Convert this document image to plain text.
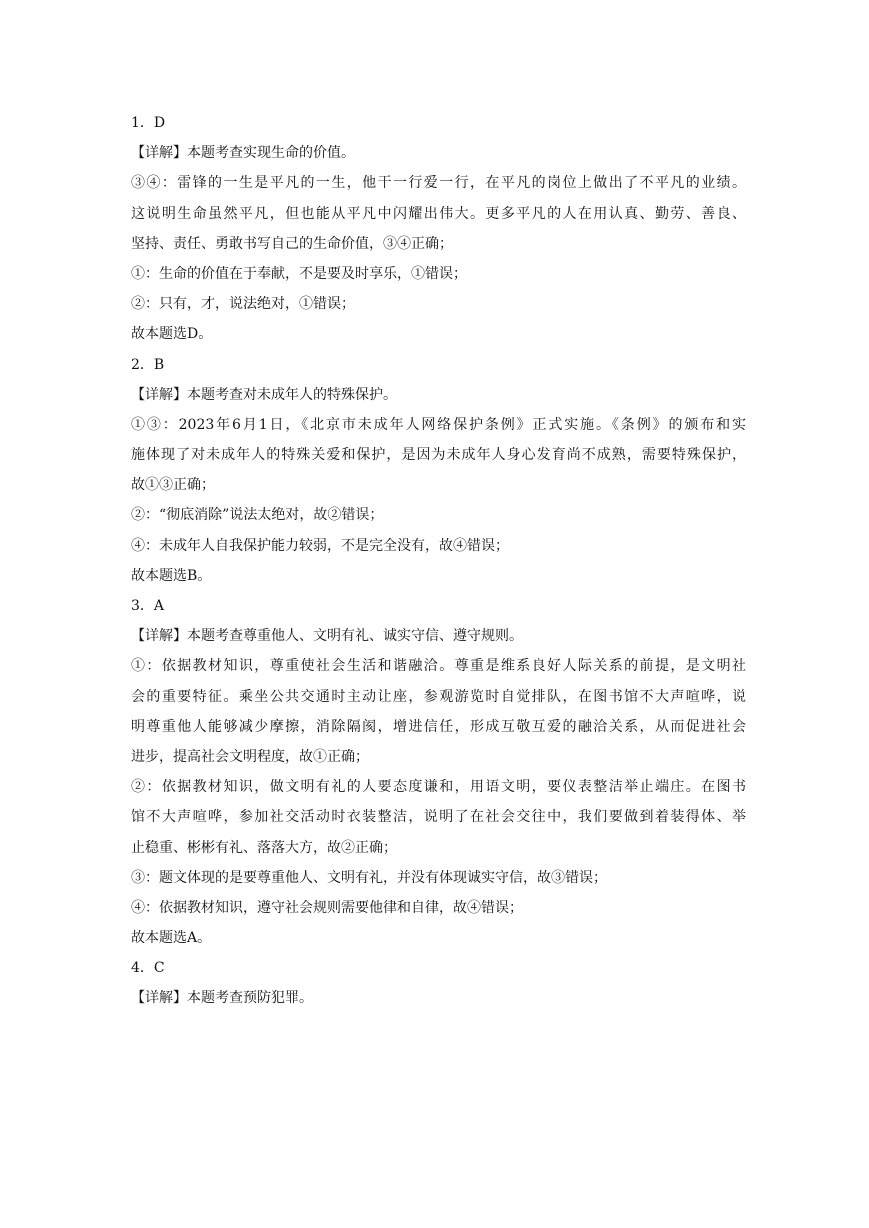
1．D
【详解】本题考查实现生命的价值。
③④：雷锋的一生是平凡的一生，他干一行爱一行，在平凡的岗位上做出了不平凡的业绩。
这说明生命虽然平凡，但也能从平凡中闪耀出伟大。更多平凡的人在用认真、勤劳、善良、
坚持、责任、勇敢书写自己的生命价值，③④正确；
①：生命的价值在于奉献，不是要及时享乐，①错误；
②：只有，才，说法绝对，①错误；
故本题选D。
2．B
【详解】本题考查对未成年人的特殊保护。
①③：2023年6月1日，《北京市未成年人网络保护条例》正式实施。《条例》的颁布和实
施体现了对未成年人的特殊关爱和保护，是因为未成年人身心发育尚不成熟，需要特殊保护，
故①③正确；
②：“彻底消除”说法太绝对，故②错误；
④：未成年人自我保护能力较弱，不是完全没有，故④错误；
故本题选B。
3．A
【详解】本题考查尊重他人、文明有礼、诚实守信、遵守规则。
①：依据教材知识，尊重使社会生活和谐融洽。尊重是维系良好人际关系的前提，是文明社
会的重要特征。乘坐公共交通时主动让座，参观游览时自觉排队，在图书馆不大声喧哗，说
明尊重他人能够减少摩擦，消除隔阂，增进信任，形成互敬互爱的融洽关系，从而促进社会
进步，提高社会文明程度，故①正确；
②：依据教材知识，做文明有礼的人要态度谦和，用语文明，要仪表整洁举止端庄。在图书
馆不大声喧哗，参加社交活动时衣装整洁，说明了在社会交往中，我们要做到着装得体、举
止稳重、彬彬有礼、落落大方，故②正确；
③：题文体现的是要尊重他人、文明有礼，并没有体现诚实守信，故③错误；
④：依据教材知识，遵守社会规则需要他律和自律，故④错误；
故本题选A。
4．C
【详解】本题考查预防犯罪。
